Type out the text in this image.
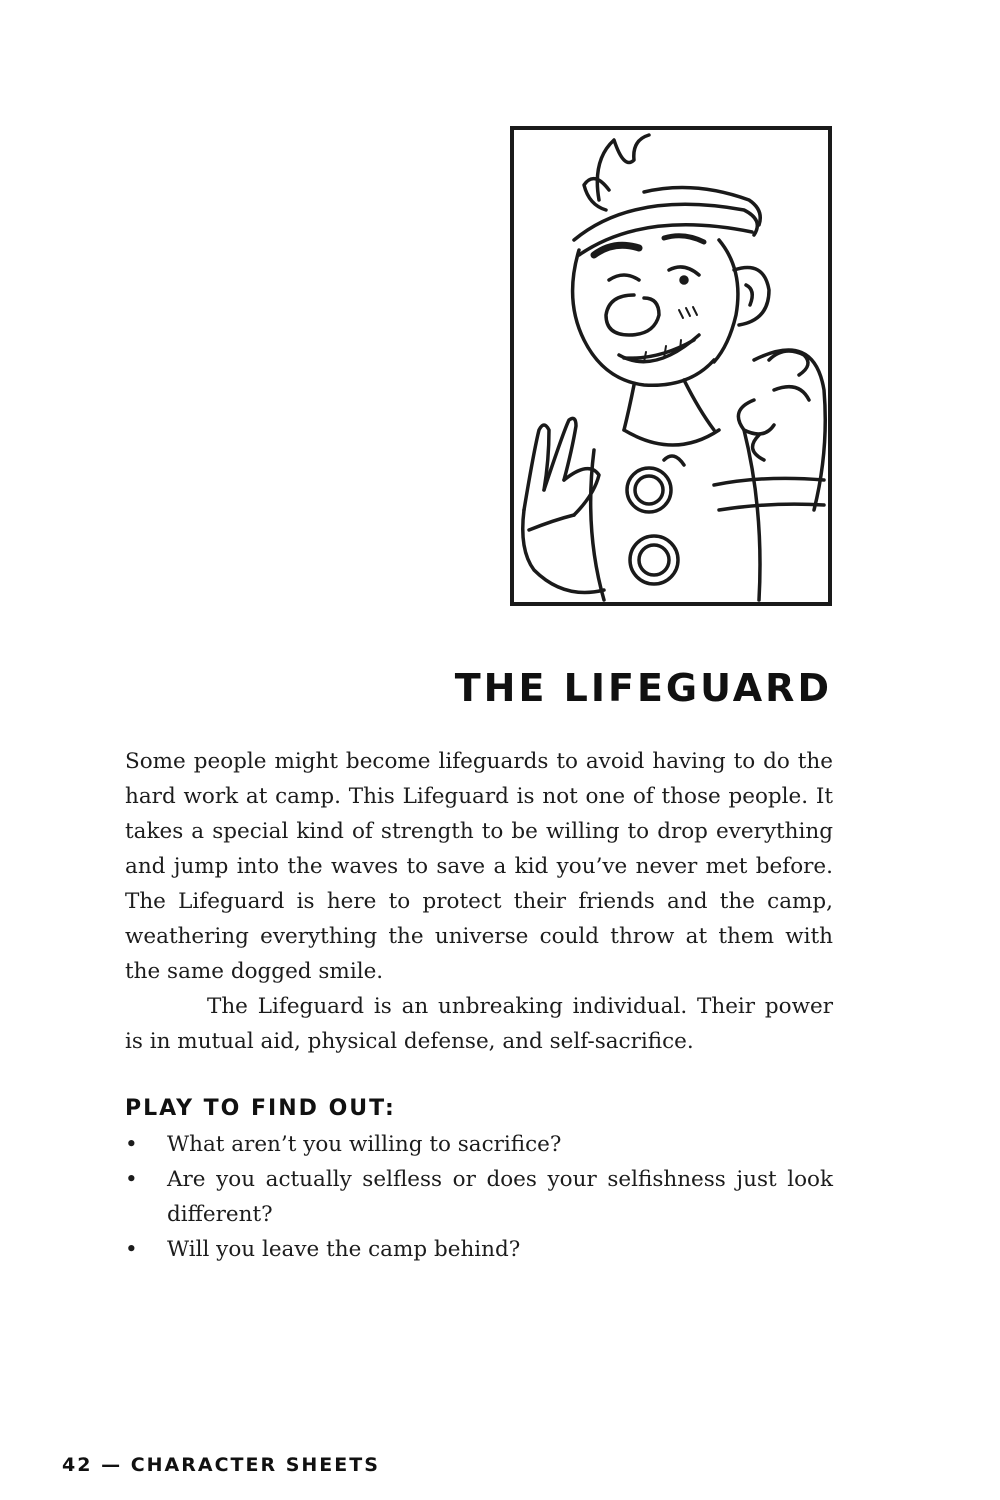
THE LIFEGUARD

Some people might become lifeguards to avoid having to do the hard work at camp. This Lifeguard is not one of those people. It takes a special kind of strength to be willing to drop everything and jump into the waves to save a kid you’ve never met before. The Lifeguard is here to protect their friends and the camp, weathering everything the universe could throw at them with the same dogged smile.

The Lifeguard is an unbreaking individual. Their power is in mutual aid, physical defense, and self-sacrifice.

PLAY TO FIND OUT:
• What aren’t you willing to sacrifice?
• Are you actually selfless or does your selfishness just look different?
• Will you leave the camp behind?
42 — CHARACTER SHEETS
